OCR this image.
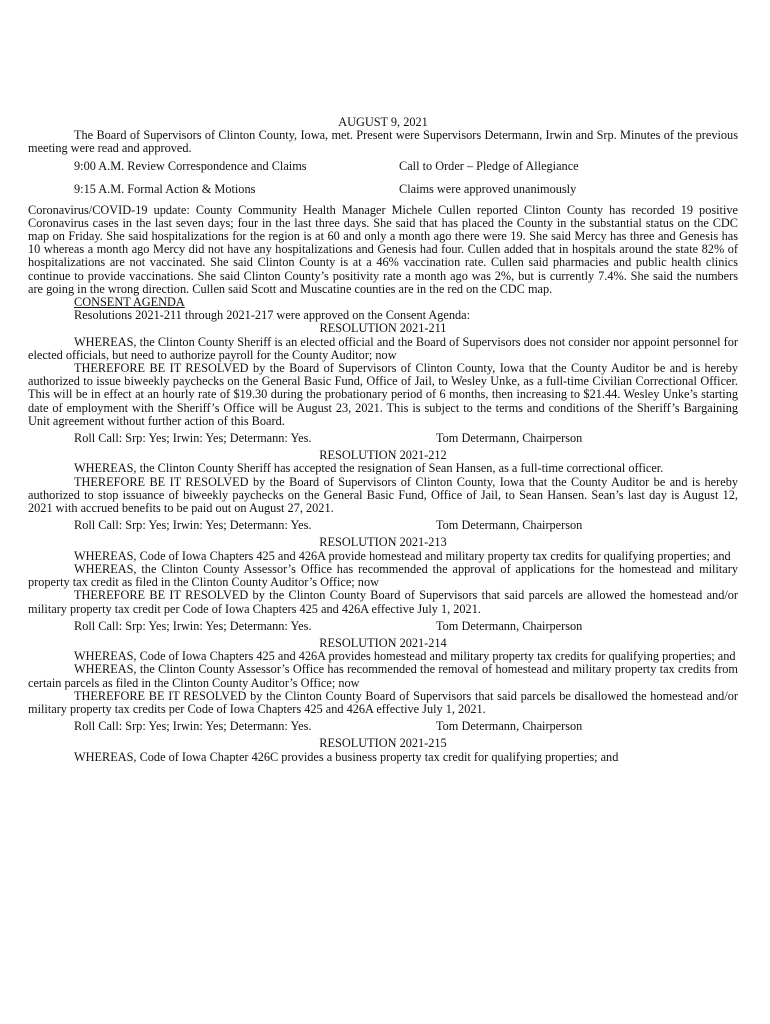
AUGUST 9, 2021

The Board of Supervisors of Clinton County, Iowa, met. Present were Supervisors Determann, Irwin and Srp. Minutes of the previous meeting were read and approved.

9:00 A.M. Review Correspondence and Claims	Call to Order – Pledge of Allegiance
9:15 A.M. Formal Action & Motions	Claims were approved unanimously

Coronavirus/COVID-19 update: County Community Health Manager Michele Cullen reported Clinton County has recorded 19 positive Coronavirus cases in the last seven days; four in the last three days. She said that has placed the County in the substantial status on the CDC map on Friday. She said hospitalizations for the region is at 60 and only a month ago there were 19. She said Mercy has three and Genesis has 10 whereas a month ago Mercy did not have any hospitalizations and Genesis had four. Cullen added that in hospitals around the state 82% of hospitalizations are not vaccinated. She said Clinton County is at a 46% vaccination rate. Cullen said pharmacies and public health clinics continue to provide vaccinations. She said Clinton County’s positivity rate a month ago was 2%, but is currently 7.4%. She said the numbers are going in the wrong direction. Cullen said Scott and Muscatine counties are in the red on the CDC map.

CONSENT AGENDA

Resolutions 2021-211 through 2021-217 were approved on the Consent Agenda:

RESOLUTION 2021-211

WHEREAS, the Clinton County Sheriff is an elected official and the Board of Supervisors does not consider nor appoint personnel for elected officials, but need to authorize payroll for the County Auditor; now

THEREFORE BE IT RESOLVED by the Board of Supervisors of Clinton County, Iowa that the County Auditor be and is hereby authorized to issue biweekly paychecks on the General Basic Fund, Office of Jail, to Wesley Unke, as a full-time Civilian Correctional Officer. This will be in effect at an hourly rate of $19.30 during the probationary period of 6 months, then increasing to $21.44. Wesley Unke’s starting date of employment with the Sheriff’s Office will be August 23, 2021. This is subject to the terms and conditions of the Sheriff’s Bargaining Unit agreement without further action of this Board.

Roll Call: Srp: Yes; Irwin: Yes; Determann: Yes.	Tom Determann, Chairperson

RESOLUTION 2021-212

WHEREAS, the Clinton County Sheriff has accepted the resignation of Sean Hansen, as a full-time correctional officer.

THEREFORE BE IT RESOLVED by the Board of Supervisors of Clinton County, Iowa that the County Auditor be and is hereby authorized to stop issuance of biweekly paychecks on the General Basic Fund, Office of Jail, to Sean Hansen. Sean’s last day is August 12, 2021 with accrued benefits to be paid out on August 27, 2021.

Roll Call: Srp: Yes; Irwin: Yes; Determann: Yes.	Tom Determann, Chairperson

RESOLUTION 2021-213

WHEREAS, Code of Iowa Chapters 425 and 426A provide homestead and military property tax credits for qualifying properties; and

WHEREAS, the Clinton County Assessor’s Office has recommended the approval of applications for the homestead and military property tax credit as filed in the Clinton County Auditor’s Office; now

THEREFORE BE IT RESOLVED by the Clinton County Board of Supervisors that said parcels are allowed the homestead and/or military property tax credit per Code of Iowa Chapters 425 and 426A effective July 1, 2021.

Roll Call: Srp: Yes; Irwin: Yes; Determann: Yes.	Tom Determann, Chairperson

RESOLUTION 2021-214

WHEREAS, Code of Iowa Chapters 425 and 426A provides homestead and military property tax credits for qualifying properties; and

WHEREAS, the Clinton County Assessor’s Office has recommended the removal of homestead and military property tax credits from certain parcels as filed in the Clinton County Auditor’s Office; now

THEREFORE BE IT RESOLVED by the Clinton County Board of Supervisors that said parcels be disallowed the homestead and/or military property tax credits per Code of Iowa Chapters 425 and 426A effective July 1, 2021.

Roll Call: Srp: Yes; Irwin: Yes; Determann: Yes.	Tom Determann, Chairperson

RESOLUTION 2021-215

WHEREAS, Code of Iowa Chapter 426C provides a business property tax credit for qualifying properties; and
